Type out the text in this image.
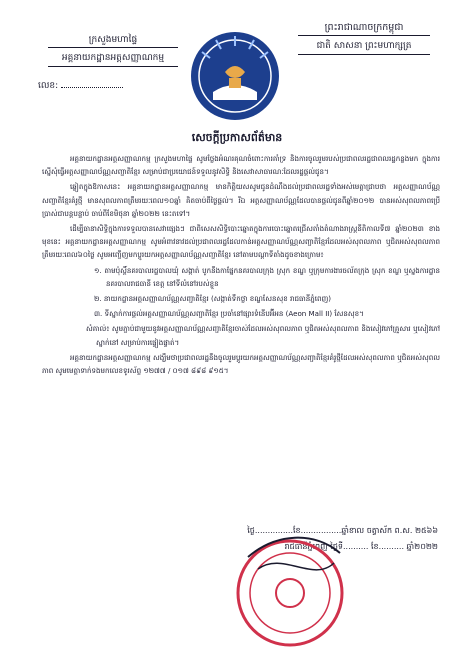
ក្រសួងមហាផ្ទៃ
អគ្គនាយកដ្ឋានអត្តសញ្ញាណកម្ម
លេខ:
ព្រះរាជាណាចក្រកម្ពុជា
ជាតិ សាសនា ព្រះមហាក្សត្រ
សេចក្តីប្រកាសព័ត៌មាន

អគ្គនាយកដ្ឋានអត្តសញ្ញាណកម្ម ក្រសួងមហាផ្ទៃ សូមថ្លែងអំណរគុណចំពោះការគាំទ្រ និងការចូលរួមរបស់ប្រជាពលរដ្ឋជាពលរដ្ឋកន្លងមក ក្នុងការស្នើសុំធ្វើអត្តសញ្ញាណប័ណ្ណសញ្ជាតិខ្មែរ សម្រាប់ជាប្រយោជន៍ទទួលនូវសិទ្ធិ និងសេវាសាធារណៈដែលរដ្ឋផ្តល់ជូន។

ឆ្លៀតក្នុងឱកាសនេះ អគ្គនាយកដ្ឋានអត្តសញ្ញាណកម្ម មានកិត្តិយសសូមជូនដំណឹងដល់ប្រជាពលរដ្ឋទាំងអស់មេត្តាជ្រាបថា អត្តសញ្ញាណប័ណ្ណសញ្ជាតិខ្មែរគំរូថ្មី មានសុពលភាពត្រឹមរយៈពេល១០ឆ្នាំ គិតចាប់ពីថ្ងៃផ្តល់។ រីឯ អត្តសញ្ញាណប័ណ្ណដែលបានផ្តល់ជូនពីឆ្នាំ២០១២ បានអស់សុពលភាពប្រើប្រាស់ជាបន្តបន្ទាប់ ចាប់ពីខែមិថុនា ឆ្នាំ២០២២ នេះតទៅ។

ដើម្បីធានាសិទ្ធិក្នុងការទទួលបានសេវាផ្សេងៗ ជាពិសេសសិទ្ធិបោះឆ្នោតក្នុងការបោះឆ្នោតជ្រើសតាំងតំណាងរាស្ត្រនីតិកាលទី៧ ឆ្នាំ២០២៣ ខាងមុខនេះ អគ្គនាយកដ្ឋានអត្តសញ្ញាណកម្ម សូមអំពាវនាវដល់ប្រជាពលរដ្ឋដែលកាន់អត្តសញ្ញាណប័ណ្ណសញ្ជាតិខ្មែរដែលអស់សុពលភាព ឬជិតអស់សុពលភាពត្រឹមរយៈពេល៦០ថ្ងៃ សូមអញ្ជើញមកប្តូរយកអត្តសញ្ញាណប័ណ្ណសញ្ជាតិខ្មែរ នៅតាមបណ្តាទីតាំងដូចខាងក្រោម៖

១. តាមប៉ុស្តិ៍នគរបាលរដ្ឋបាលឃុំ សង្កាត់ បូកនឹងកាផ្នែកនគរបាលក្រុង ស្រុក ខណ្ឌ ឬក្រុមការងារចល័តក្រុង ស្រុក ខណ្ឌ ឬស្នងការដ្ឋាននគរបាលរាជធានី ខេត្ត នៅទីលំនៅរបស់ខ្លួន
២. នាយកដ្ឋានអត្តសញ្ញាណប័ណ្ណសញ្ជាតិខ្មែរ (សង្កាត់ទឹកថ្លា ខណ្ឌសែនសុខ រាជធានីភ្នំពេញ)
៣. ទីស្នាក់ការផ្តល់អត្តសញ្ញាណប័ណ្ណសញ្ជាតិខ្មែរ ប្រចាំនៅផ្សារទំនើបអ៊ីអន (Aeon Mall II) សែនសុខ។
សំគាល់៖ សូមភ្ជាប់ជាមួយនូវអត្តសញ្ញាណប័ណ្ណសញ្ជាតិខ្មែរចាស់ដែលអស់សុពលភាព ឬជិតអស់សុពលភាព និងសៀវភៅគ្រួសារ ឬសៀវភៅស្នាក់នៅ សម្រាប់ការផ្ទៀងផ្ទាត់។

អគ្គនាយកដ្ឋានអត្តសញ្ញាណកម្ម សង្ឃឹមថាប្រជាពលរដ្ឋនឹងចូលរួមប្តូរយកអត្តសញ្ញាណប័ណ្ណសញ្ជាតិខ្មែរគំរូថ្មីដែលអស់សុពលភាព ឬជិតអស់សុពលភាព សូមមេត្តាទាក់ទងមកលេខទូរស័ព្ទ ១២៧៧ / ០១៧ ៨៩៨ ៩១៥។

ថ្ងៃ...............ខែ................ឆ្នាំខាល ចត្វាស័ក ព.ស. ២៥៦៦
រាជធានីភ្នំពេញ ថ្ងៃទី.......... ខែ.......... ឆ្នាំ២០២២
